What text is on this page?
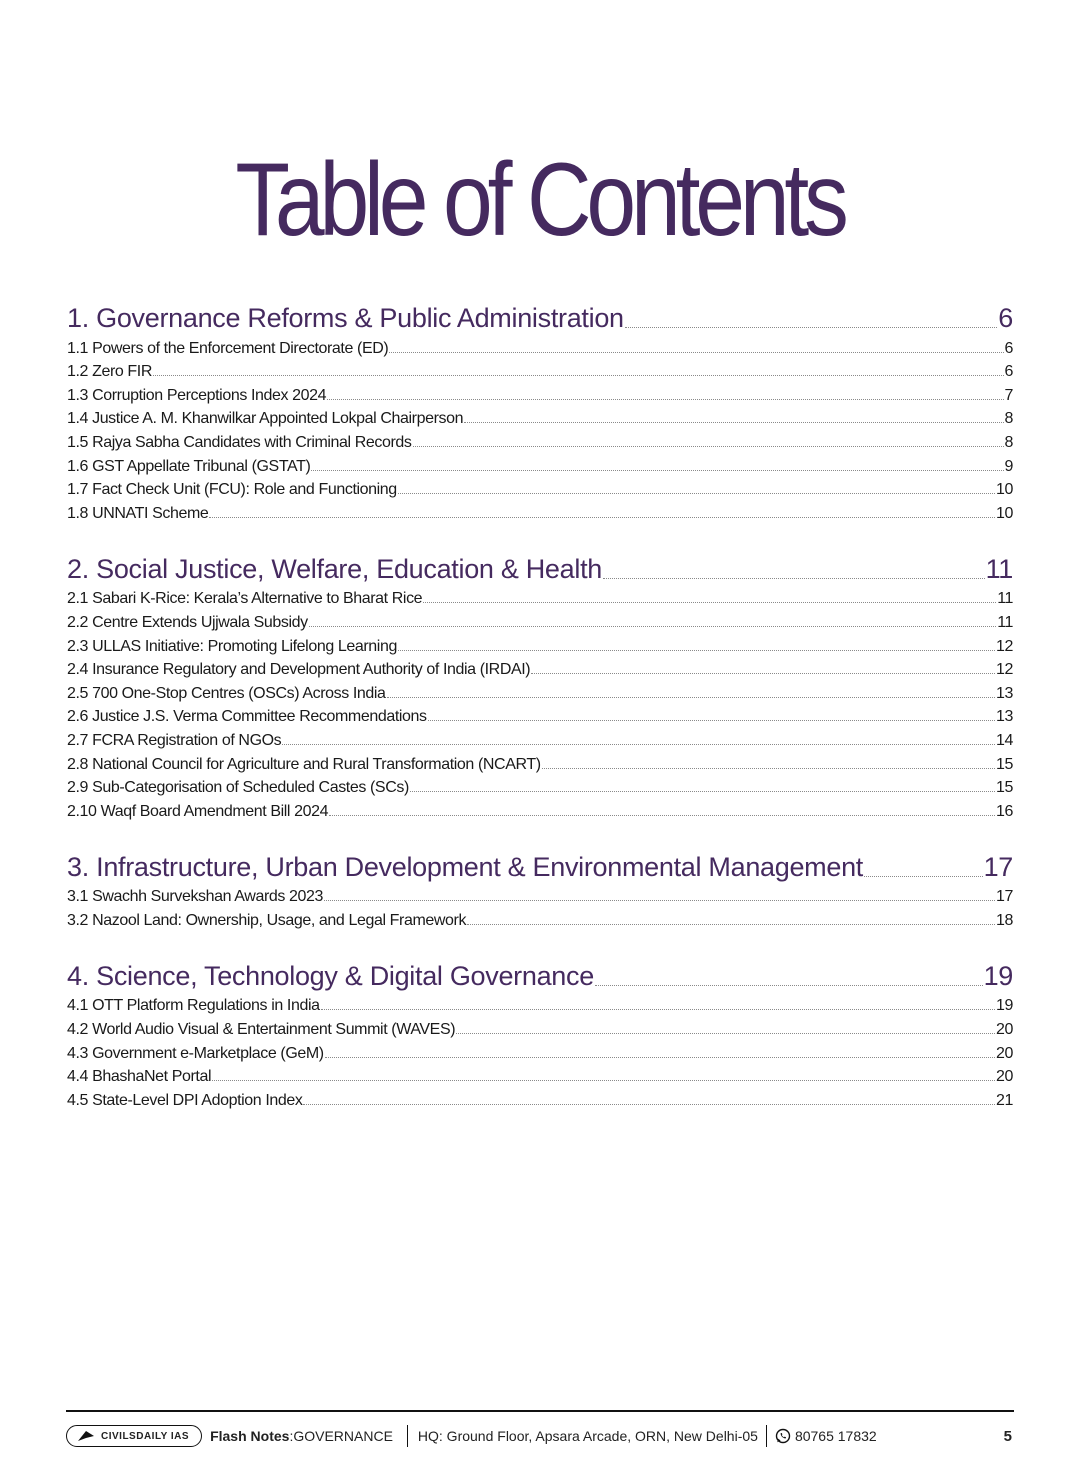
Table of Contents
1. Governance Reforms & Public Administration	6
1.1 Powers of the Enforcement Directorate (ED)	6
1.2 Zero FIR	6
1.3 Corruption Perceptions Index 2024	7
1.4 Justice A. M. Khanwilkar Appointed Lokpal Chairperson	8
1.5 Rajya Sabha Candidates with Criminal Records	8
1.6 GST Appellate Tribunal (GSTAT)	9
1.7 Fact Check Unit (FCU): Role and Functioning	10
1.8 UNNATI Scheme	10
2. Social Justice, Welfare, Education & Health	11
2.1 Sabari K-Rice: Kerala’s Alternative to Bharat Rice	11
2.2 Centre Extends Ujjwala Subsidy	11
2.3 ULLAS Initiative: Promoting Lifelong Learning	12
2.4 Insurance Regulatory and Development Authority of India (IRDAI)	12
2.5 700 One-Stop Centres (OSCs) Across India	13
2.6 Justice J.S. Verma Committee Recommendations	13
2.7 FCRA Registration of NGOs	14
2.8 National Council for Agriculture and Rural Transformation (NCART)	15
2.9 Sub-Categorisation of Scheduled Castes (SCs)	15
2.10 Waqf Board Amendment Bill 2024	16
3. Infrastructure, Urban Development & Environmental Management	17
3.1 Swachh Survekshan Awards 2023	17
3.2 Nazool Land: Ownership, Usage, and Legal Framework	18
4. Science, Technology & Digital Governance	19
4.1 OTT Platform Regulations in India	19
4.2 World Audio Visual & Entertainment Summit (WAVES)	20
4.3 Government e-Marketplace (GeM)	20
4.4 BhashaNet Portal	20
4.5 State-Level DPI Adoption Index	21
CIVILSDAILY IAS Flash Notes:GOVERNANCE HQ: Ground Floor, Apsara Arcade, ORN, New Delhi-05	80765 17832	5
